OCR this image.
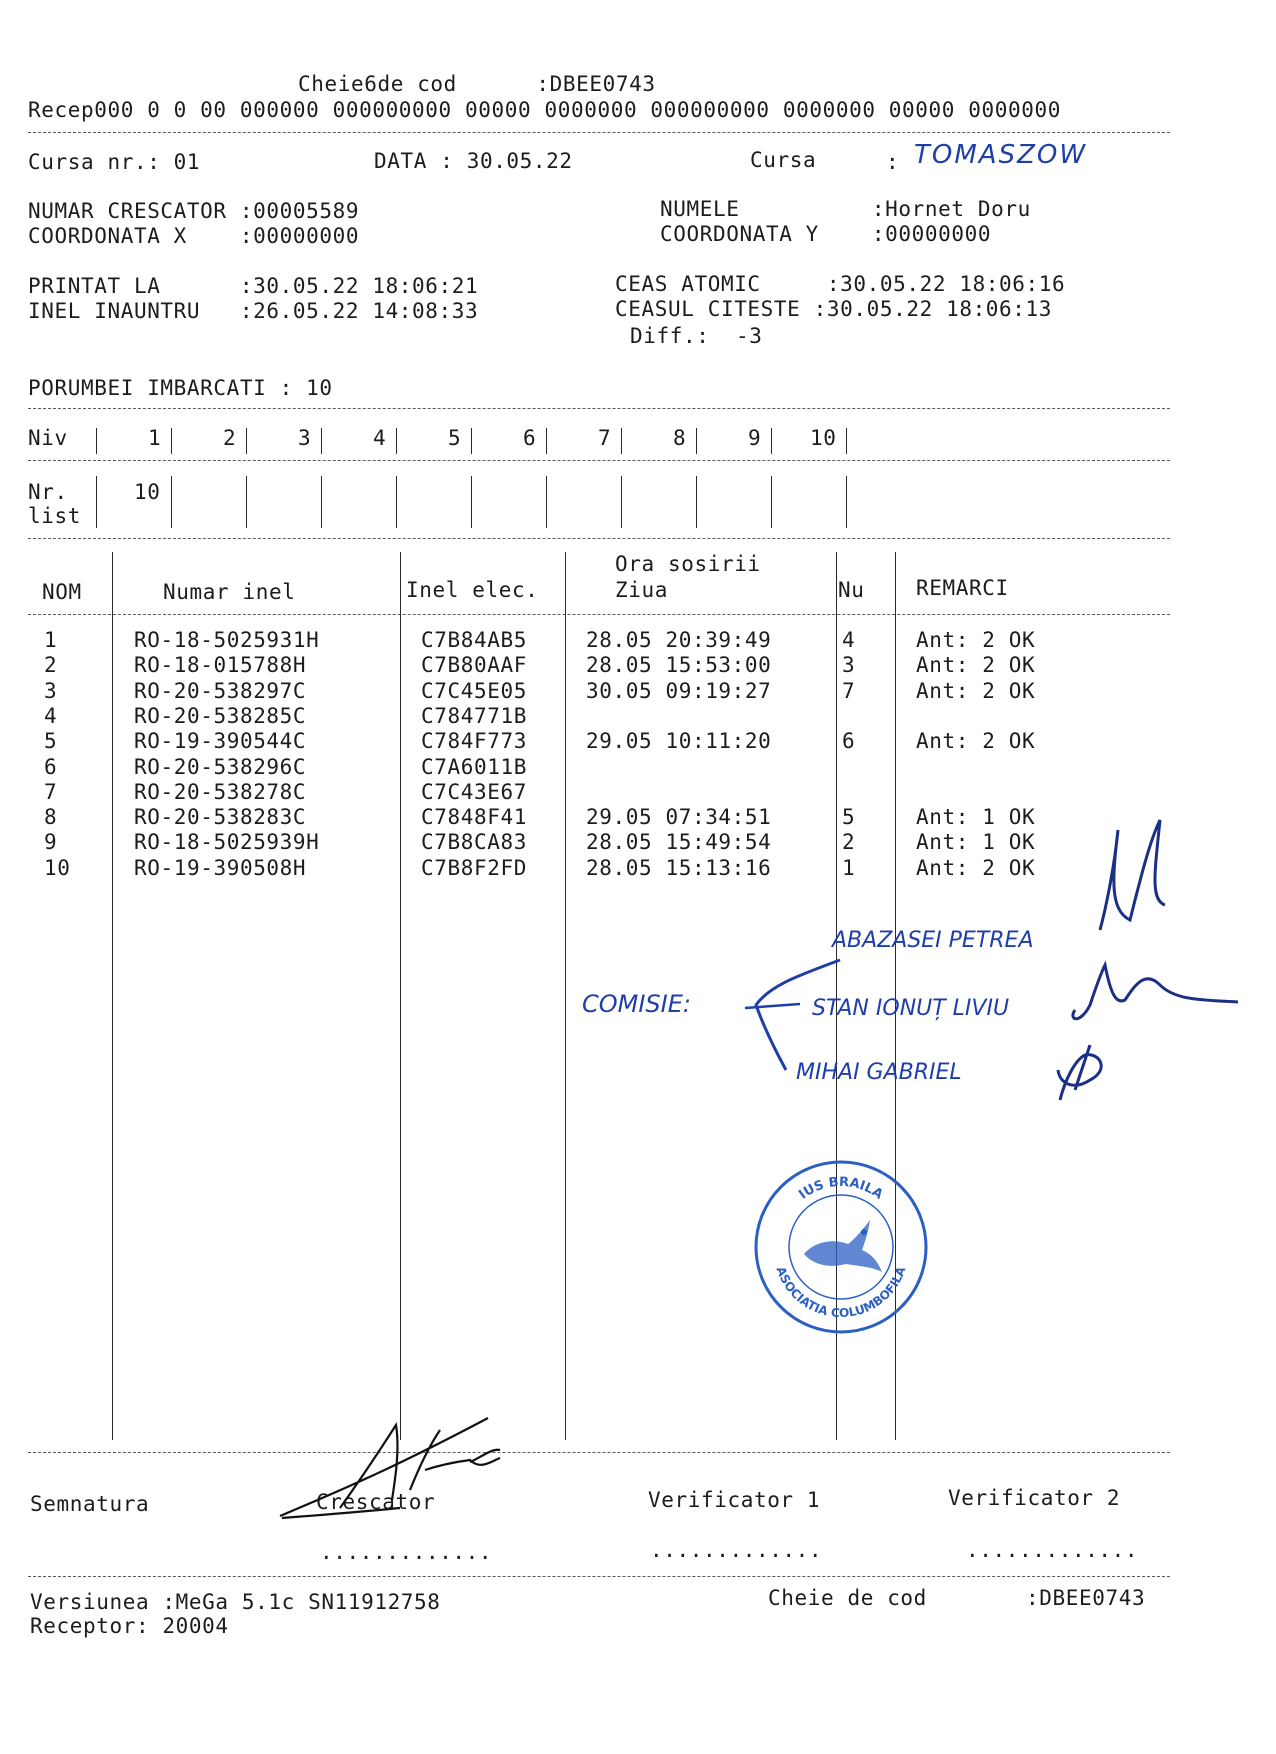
Cheie6de cod      :DBEE0743
Recep000 0 0 00 000000 000000000 00000 0000000 000000000 0000000 00000 0000000
Cursa nr.: 01	DATA : 30.05.22	Cursa	: TOMASZOW
NUMAR CRESCATOR :00005589
COORDONATA X    :00000000
NUMELE          :Hornet Doru
COORDONATA Y    :00000000
PRINTAT LA      :30.05.22 18:06:21
INEL INAUNTRU   :26.05.22 14:08:33
CEAS ATOMIC     :30.05.22 18:06:16
CEASUL CITESTE :30.05.22 18:06:13
Diff.:  -3
PORUMBEI IMBARCATI : 10
Niv	1	2	3	4	5	6	7	8	9 10
Nr.
list
10
Ora sosirii
NOM	Numar inel	Inel elec.	Ziua	Nu REMARCI
1	RO-18-5025931H	C7B84AB5	28.05 20:39:49	4	Ant: 2 OK
2	RO-18-015788H	C7B80AAF	28.05 15:53:00	3	Ant: 2 OK
3	RO-20-538297C	C7C45E05	30.05 09:19:27	7	Ant: 2 OK
4	RO-20-538285C	C784771B
5	RO-19-390544C	C784F773	29.05 10:11:20	6	Ant: 2 OK
6	RO-20-538296C	C7A6011B
7	RO-20-538278C	C7C43E67
8	RO-20-538283C	C7848F41	29.05 07:34:51	5	Ant: 1 OK
9	RO-18-5025939H	C7B8CA83	28.05 15:49:54	2	Ant: 1 OK
10	RO-19-390508H	C7B8F2FD	28.05 15:13:16	1	Ant: 2 OK
COMISIE:
ABAZASEI PETREA
STAN IONUȚ LIVIU
MIHAI GABRIEL
IUS BRAILA
ASOCIATIA COLUMBOFILA
Semnatura	Crescator	Verificator 1	Verificator 2
.............	.............	.............
Versiunea :MeGa 5.1c SN11912758
Receptor: 20004
Cheie de cod	:DBEE0743
